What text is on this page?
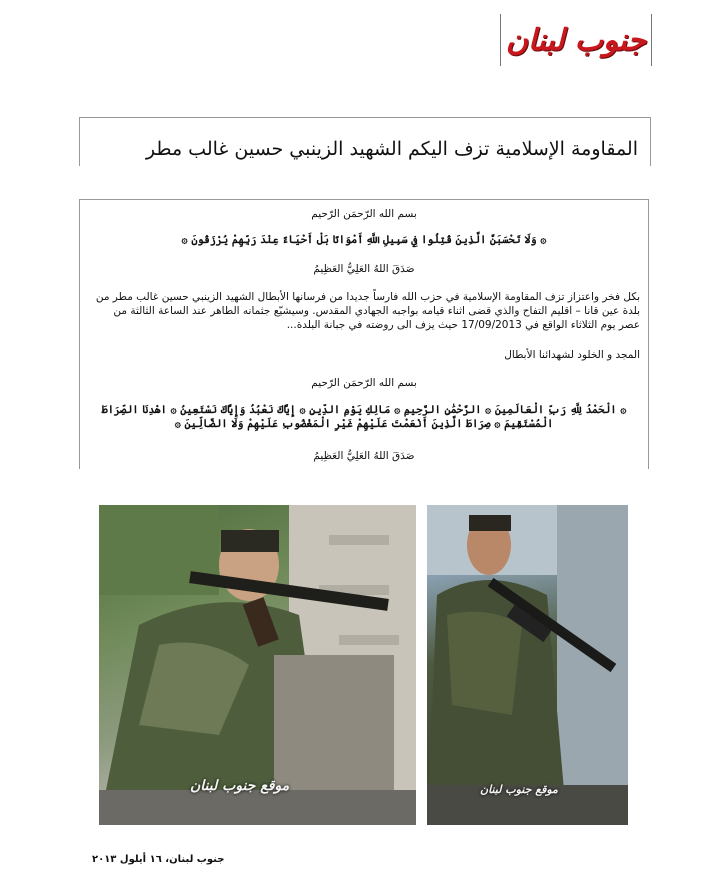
جنوب لبنان
المقاومة الإسلامية تزف اليكم الشهيد الزينبي حسين غالب مطر

بسم الله الرّحمَن الرّحيم

۞ وَلَا تَحْسَبَنَّ الَّذِينَ قُتِلُوا فِي سَبِيلِ اللَّهِ أَمْوَاتًا بَلْ أَحْيَاءٌ عِنْدَ رَبِّهِمْ يُرْزَقُونَ ۞

صَدَقَ اللهُ العَلِيُّ العَظِيمُ

بكل فخر واعتزاز تزف المقاومة الإسلامية في حزب الله فارساً جديدا من فرسانها الأبطال الشهيد الزينبي حسين غالب مطر من بلدة عين قانا – اقليم التفاح والذي قضى اثناء قيامه بواجبه الجهادي المقدس. وسيشيّع جثمانه الطاهر عند الساعة الثالثة من عصر يوم الثلاثاء الواقع في 17/09/2013 حيث يزف الى روضته في جبانة البلدة...

المجد و الخلود لشهدائنا الأبطال

بسم الله الرّحمَن الرّحيم

۞ الْحَمْدُ لِلَّهِ رَبِّ الْعَالَمِينَ ۞ الرَّحْمَٰنِ الرَّحِيمِ ۞ مَالِكِ يَوْمِ الدِّينِ ۞ إِيَّاكَ نَعْبُدُ وَإِيَّاكَ نَسْتَعِينُ ۞ اهْدِنَا الصِّرَاطَ الْمُسْتَقِيمَ ۞ صِرَاطَ الَّذِينَ أَنْعَمْتَ عَلَيْهِمْ غَيْرِ الْمَغْضُوبِ عَلَيْهِمْ وَلَا الضَّالِّينَ ۞

صَدَقَ اللهُ العَلِيُّ العَظِيمُ

موقع جنوب لبنان	موقع جنوب لبنان
جنوب لبنان، ١٦ أيلول ٢٠١٣
